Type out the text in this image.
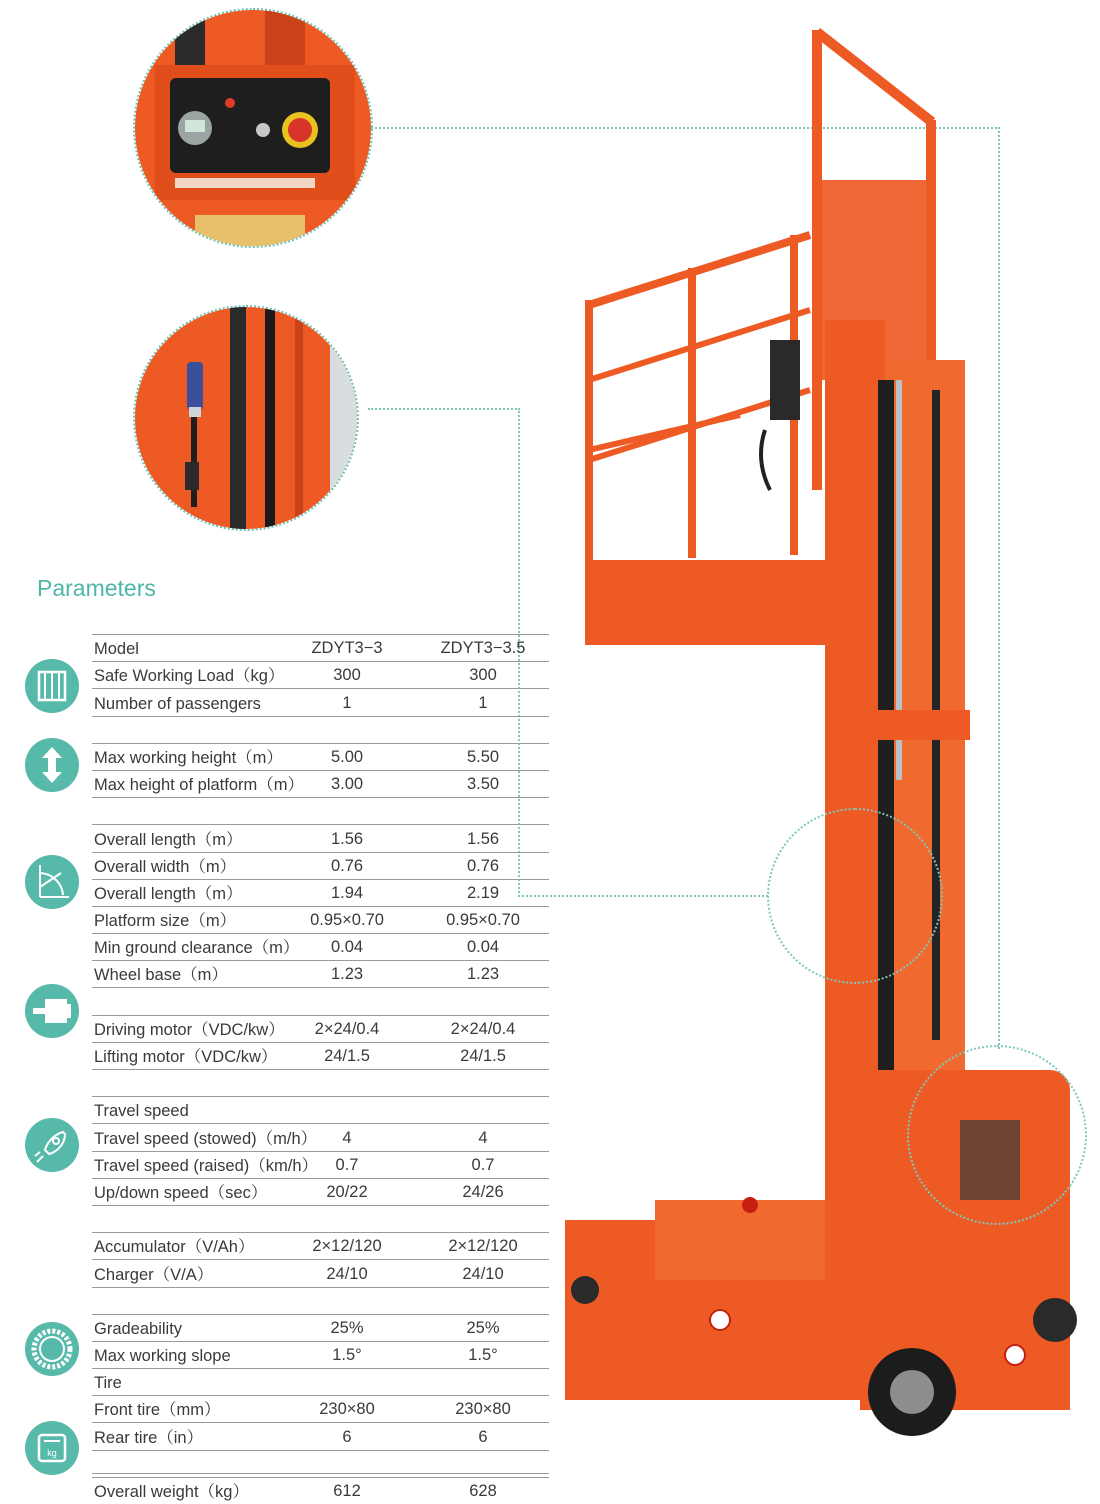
Parameters
Model	ZDYT3−3	ZDYT3−3.5
Safe Working Load（kg）	300	300
Number of passengers	1	1
Max working height（m）	5.00	5.50
Max height of platform（m）	3.00	3.50
Overall length（m）	1.56	1.56
Overall width（m）	0.76	0.76
Overall length（m）	1.94	2.19
Platform size（m）	0.95×0.70	0.95×0.70
Min ground clearance（m）	0.04	0.04
Wheel base（m）	1.23	1.23
Driving motor（VDC/kw）	2×24/0.4	2×24/0.4
Lifting motor（VDC/kw）	24/1.5	24/1.5
Travel speed
Travel speed (stowed)（m/h）	4	4
Travel speed (raised)（km/h）	0.7	0.7
Up/down speed（sec）	20/22	24/26
Accumulator（V/Ah）	2×12/120	2×12/120
Charger（V/A）	24/10	24/10
Gradeability	25%	25%
Max working slope	1.5°	1.5°
Tire
Front tire（mm）	230×80	230×80
Rear tire（in）	6	6
Overall weight（kg）	612	628
kg
